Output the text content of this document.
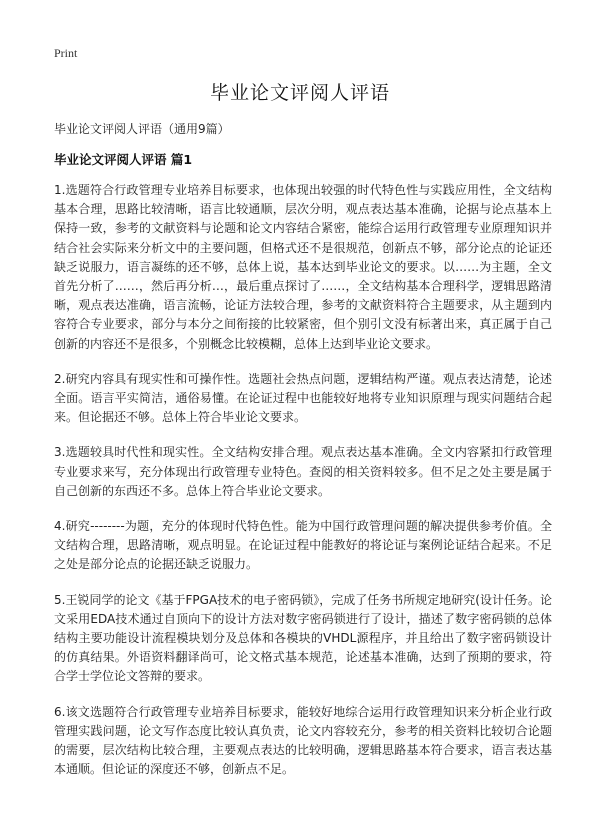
Print
毕业论文评阅人评语
毕业论文评阅人评语（通用9篇）
毕业论文评阅人评语 篇1

1.选题符合行政管理专业培养目标要求，也体现出较强的时代特色性与实践应用性，全文结构基本合理，思路比较清晰，语言比较通顺，层次分明，观点表达基本准确，论据与论点基本上保持一致，参考的文献资料与论题和论文内容结合紧密，能综合运用行政管理专业原理知识并结合社会实际来分析文中的主要问题，但格式还不是很规范，创新点不够，部分论点的论证还缺乏说服力，语言凝练的还不够，总体上说，基本达到毕业论文的要求。以……为主题，全文首先分析了……，然后再分析…，最后重点探讨了……，全文结构基本合理科学，逻辑思路清晰，观点表达准确，语言流畅，论证方法较合理，参考的文献资料符合主题要求，从主题到内容符合专业要求，部分与本分之间衔接的比较紧密，但个别引文没有标著出来，真正属于自己创新的内容还不是很多，个别概念比较模糊，总体上达到毕业论文要求。

2.研究内容具有现实性和可操作性。选题社会热点问题，逻辑结构严谨。观点表达清楚，论述全面。语言平实简洁，通俗易懂。在论证过程中也能较好地将专业知识原理与现实问题结合起来。但论据还不够。总体上符合毕业论文要求。

3.选题较具时代性和现实性。全文结构安排合理。观点表达基本准确。全文内容紧扣行政管理专业要求来写，充分体现出行政管理专业特色。查阅的相关资料较多。但不足之处主要是属于自己创新的东西还不多。总体上符合毕业论文要求。

4.研究--------为题，充分的体现时代特色性。能为中国行政管理问题的解决提供参考价值。全文结构合理，思路清晰，观点明显。在论证过程中能教好的将论证与案例论证结合起来。不足之处是部分论点的论据还缺乏说服力。

5.王锐同学的论文《基于FPGA技术的电子密码锁》，完成了任务书所规定地研究(设计任务。论文采用EDA技术通过自顶向下的设计方法对数字密码锁进行了设计，描述了数字密码锁的总体结构主要功能设计流程模块划分及总体和各模块的VHDL源程序，并且给出了数字密码锁设计的仿真结果。外语资料翻译尚可，论文格式基本规范，论述基本准确，达到了预期的要求，符合学士学位论文答辩的要求。

6.该文选题符合行政管理专业培养目标要求，能较好地综合运用行政管理知识来分析企业行政管理实践问题，论文写作态度比较认真负责，论文内容较充分，参考的相关资料比较切合论题的需要，层次结构比较合理，主要观点表达的比较明确，逻辑思路基本符合要求，语言表达基本通顺。但论证的深度还不够，创新点不足。
